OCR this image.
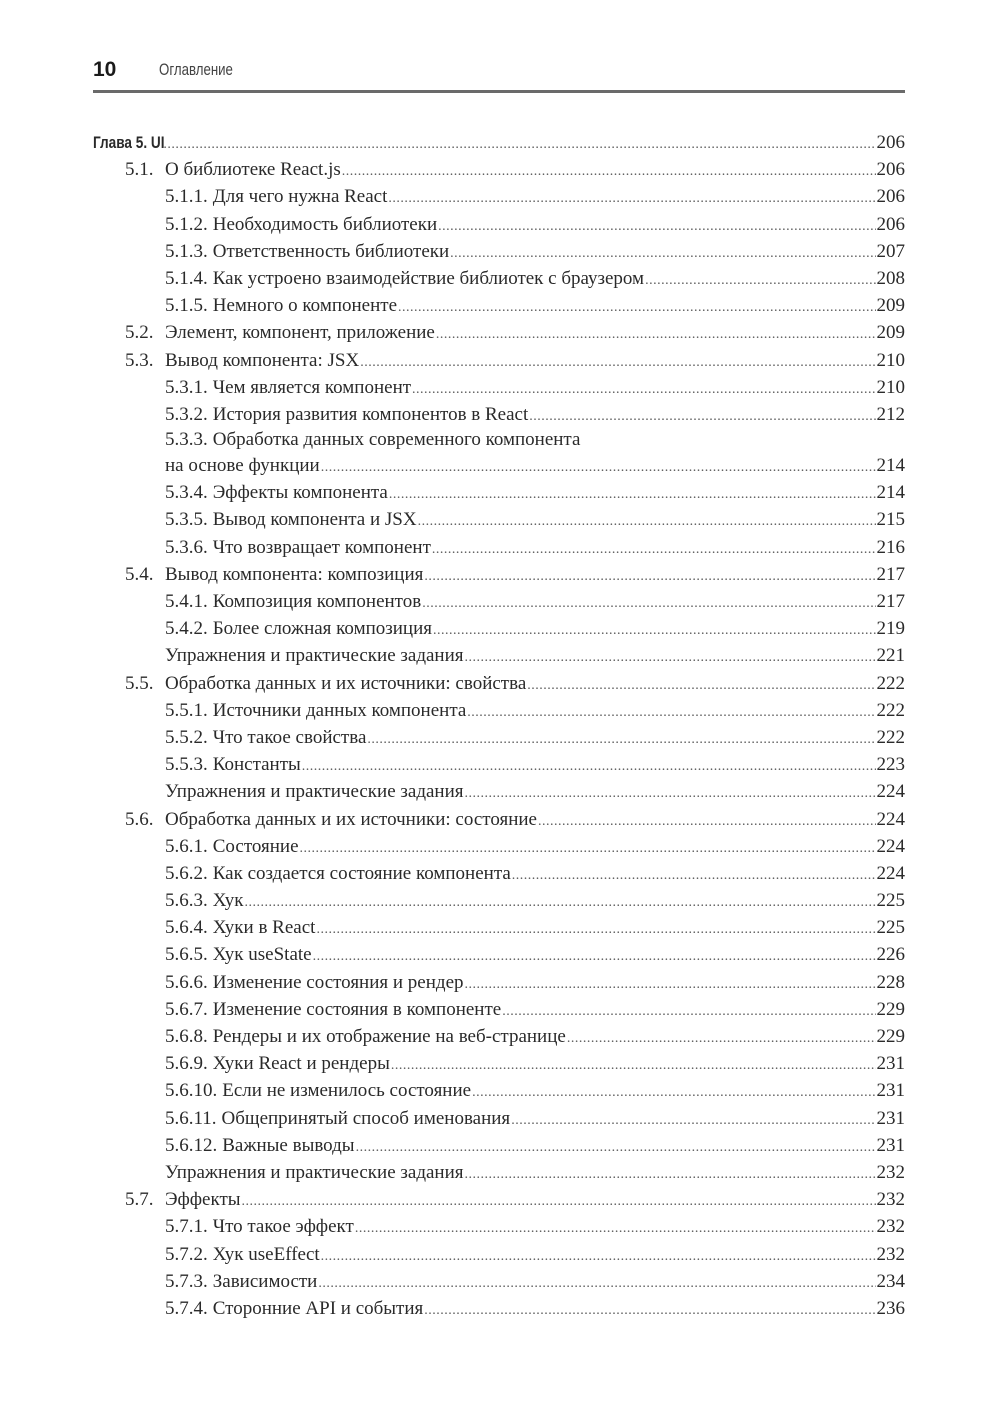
10	Оглавление
Глава 5. UI .....	206
5.1. О библиотеке React.js .....	206
5.1.1. Для чего нужна React .....	206
5.1.2. Необходимость библиотеки .....	206
5.1.3. Ответственность библиотеки .....	207
5.1.4. Как устроено взаимодействие библиотек с браузером .....	208
5.1.5. Немного о компоненте .....	209
5.2. Элемент, компонент, приложение .....	209
5.3. Вывод компонента: JSX .....	210
5.3.1. Чем является компонент .....	210
5.3.2. История развития компонентов в React .....	212
5.3.3. Обработка данных современного компонента
на основе функции .....	214
5.3.4. Эффекты компонента .....	214
5.3.5. Вывод компонента и JSX .....	215
5.3.6. Что возвращает компонент .....	216
5.4. Вывод компонента: композиция .....	217
5.4.1. Композиция компонентов .....	217
5.4.2. Более сложная композиция .....	219
Упражнения и практические задания .....	221
5.5. Обработка данных и их источники: свойства .....	222
5.5.1. Источники данных компонента .....	222
5.5.2. Что такое свойства .....	222
5.5.3. Константы .....	223
Упражнения и практические задания .....	224
5.6. Обработка данных и их источники: состояние .....	224
5.6.1. Состояние .....	224
5.6.2. Как создается состояние компонента .....	224
5.6.3. Хук .....	225
5.6.4. Хуки в React .....	225
5.6.5. Хук useState .....	226
5.6.6. Изменение состояния и рендер .....	228
5.6.7. Изменение состояния в компоненте .....	229
5.6.8. Рендеры и их отображение на веб-странице .....	229
5.6.9. Хуки React и рендеры .....	231
5.6.10. Если не изменилось состояние .....	231
5.6.11. Общепринятый способ именования .....	231
5.6.12. Важные выводы .....	231
Упражнения и практические задания .....	232
5.7. Эффекты .....	232
5.7.1. Что такое эффект .....	232
5.7.2. Хук useEffect .....	232
5.7.3. Зависимости .....	234
5.7.4. Сторонние API и события .....	236
